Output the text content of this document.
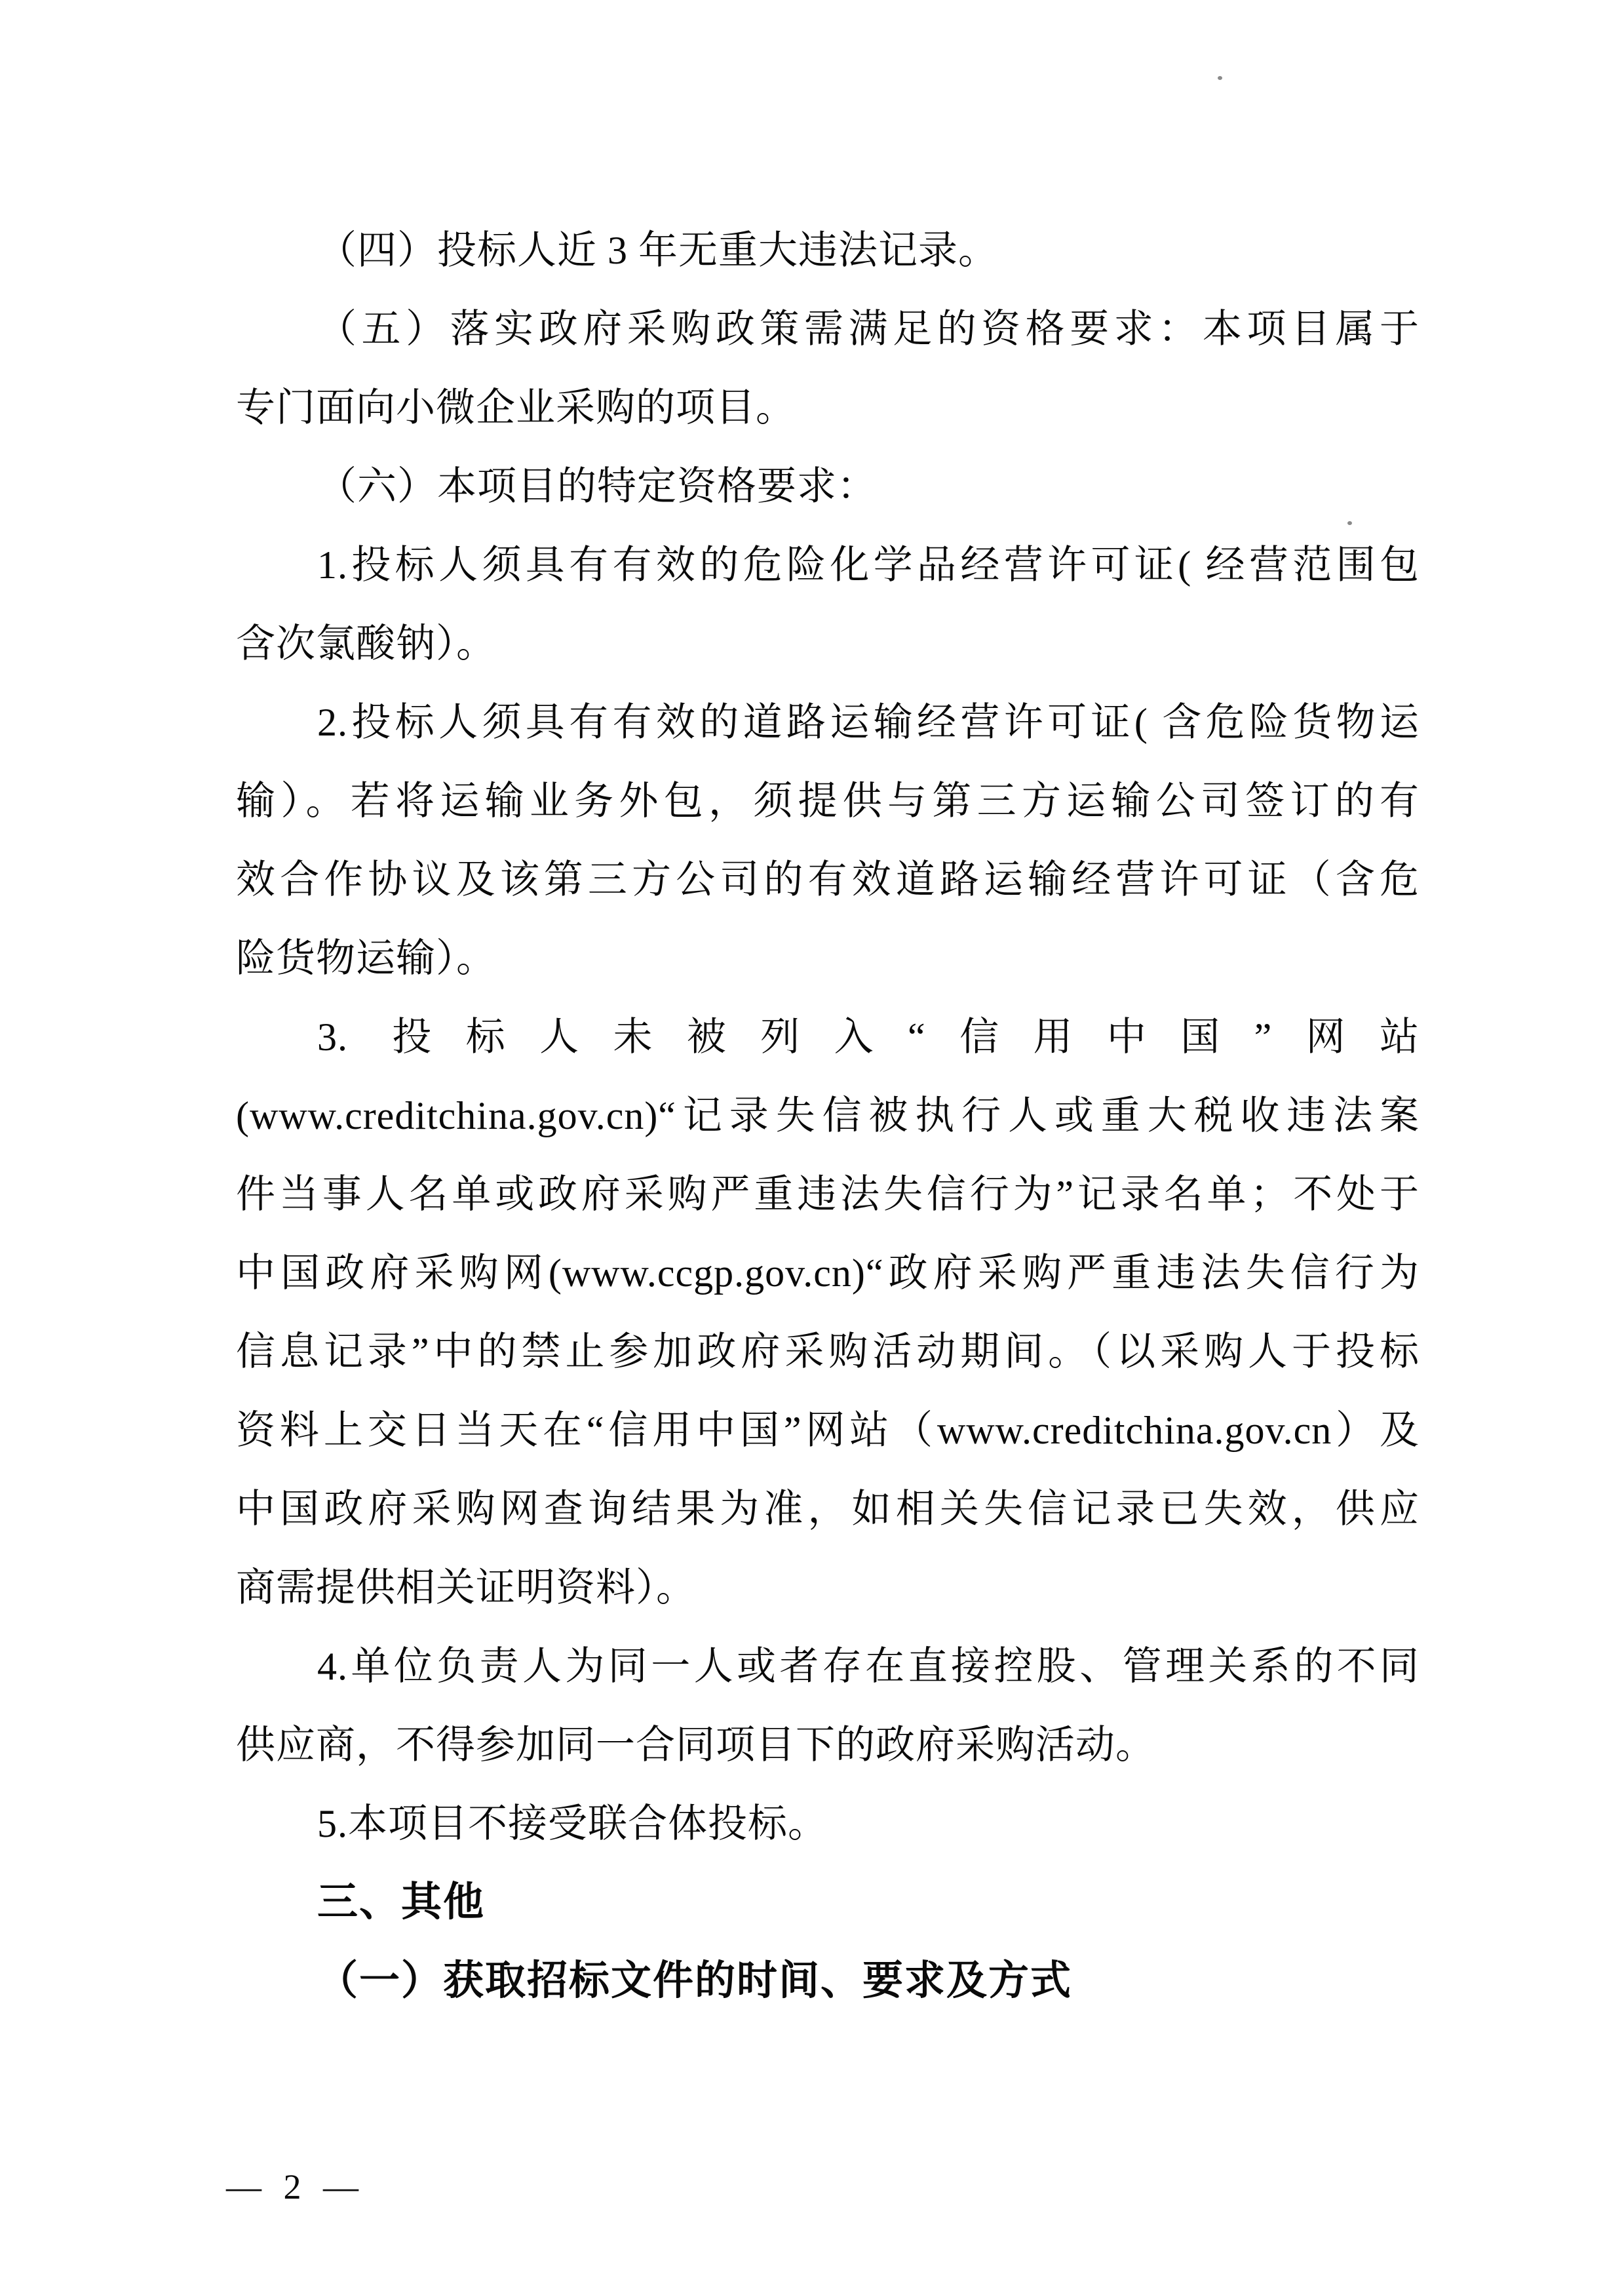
（四）投标人近 3 年无重大违法记录。
（五）落实政府采购政策需满足的资格要求：本项目属于
专门面向小微企业采购的项目。
（六）本项目的特定资格要求：
1.投标人须具有有效的危险化学品经营许可证( 经营范围包
含次氯酸钠）。
2.投标人须具有有效的道路运输经营许可证( 含危险货物运
输）。若将运输业务外包，须提供与第三方运输公司签订的有
效合作协议及该第三方公司的有效道路运输经营许可证（含危
险货物运输）。
3. 投标人未被列入“信用中国”网站
(www.creditchina.gov.cn)“记录失信被执行人或重大税收违法案
件当事人名单或政府采购严重违法失信行为”记录名单；不处于
中国政府采购网(www.ccgp.gov.cn)“政府采购严重违法失信行为
信息记录”中的禁止参加政府采购活动期间。（以采购人于投标
资料上交日当天在“信用中国”网站（www.creditchina.gov.cn）及
中国政府采购网查询结果为准，如相关失信记录已失效，供应
商需提供相关证明资料）。
4.单位负责人为同一人或者存在直接控股、管理关系的不同
供应商，不得参加同一合同项目下的政府采购活动。
5.本项目不接受联合体投标。
三、其他
（一）获取招标文件的时间、要求及方式
— 2 —
